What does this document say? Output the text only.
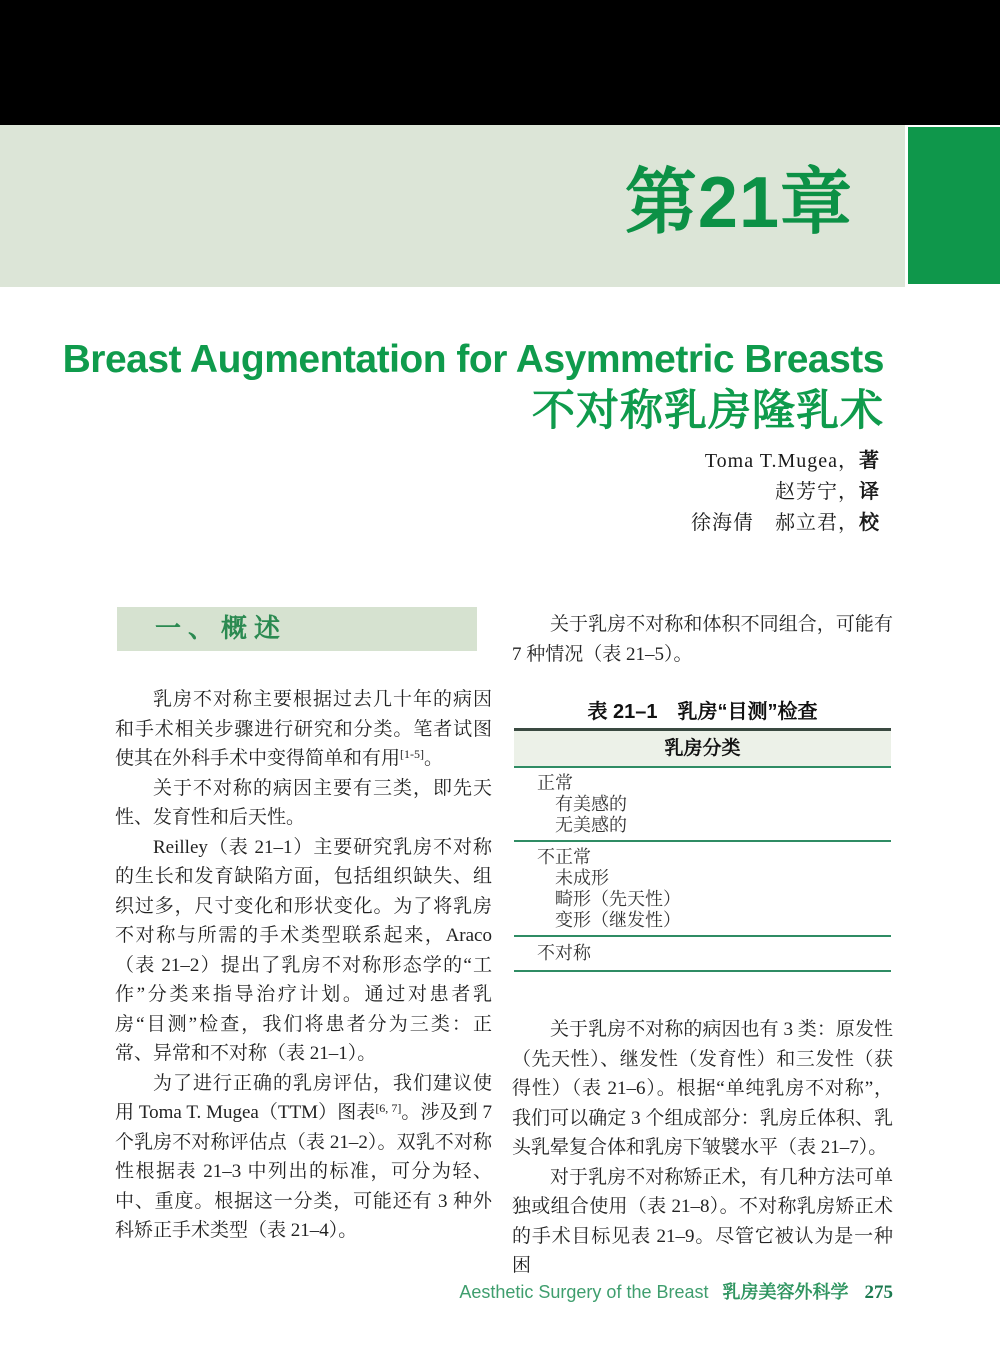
第21章
Breast Augmentation for Asymmetric Breasts
不对称乳房隆乳术
Toma T.Mugea，著
赵芳宁，译
徐海倩　郝立君，校
一、概述

乳房不对称主要根据过去几十年的病因和手术相关步骤进行研究和分类。笔者试图使其在外科手术中变得简单和有用[1-5]。

关于不对称的病因主要有三类，即先天性、发育性和后天性。

Reilley（表 21–1）主要研究乳房不对称的生长和发育缺陷方面，包括组织缺失、组织过多，尺寸变化和形状变化。为了将乳房不对称与所需的手术类型联系起来，Araco（表 21–2）提出了乳房不对称形态学的“工作”分类来指导治疗计划。通过对患者乳房“目测”检查，我们将患者分为三类：正常、异常和不对称（表 21–1）。

为了进行正确的乳房评估，我们建议使用 Toma T. Mugea（TTM）图表[6, 7]。涉及到 7 个乳房不对称评估点（表 21–2）。双乳不对称性根据表 21–3 中列出的标准，可分为轻、中、重度。根据这一分类，可能还有 3 种外科矫正手术类型（表 21–4）。

关于乳房不对称和体积不同组合，可能有 7 种情况（表 21–5）。

表 21–1　乳房“目测”检查
乳房分类
正常
有美感的
无美感的
不正常
未成形
畸形（先天性）
变形（继发性）
不对称

关于乳房不对称的病因也有 3 类：原发性（先天性）、继发性（发育性）和三发性（获得性）（表 21–6）。根据“单纯乳房不对称”，我们可以确定 3 个组成部分：乳房丘体积、乳头乳晕复合体和乳房下皱襞水平（表 21–7）。

对于乳房不对称矫正术，有几种方法可单独或组合使用（表 21–8）。不对称乳房矫正术的手术目标见表 21–9。尽管它被认为是一种困

Aesthetic Surgery of the Breast 乳房美容外科学 275
